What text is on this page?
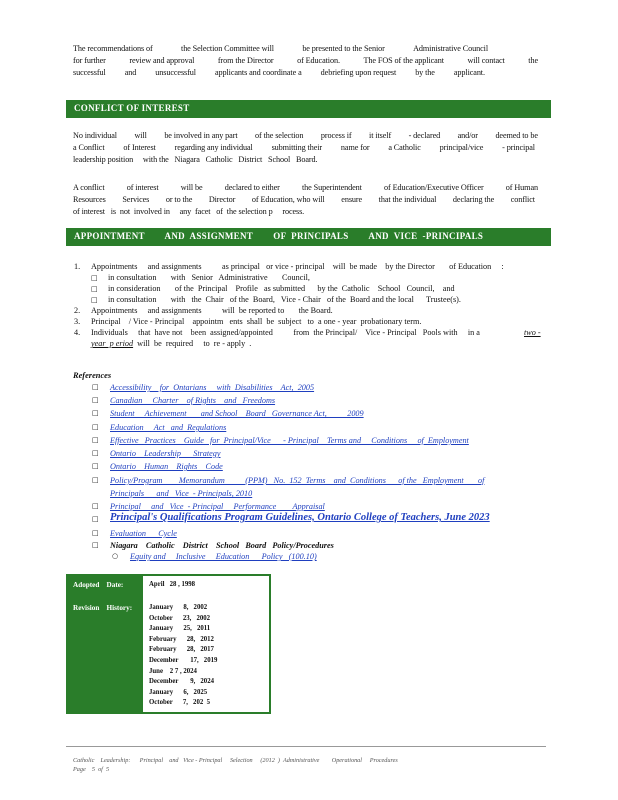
The recommendations of	the Selection Committee will	be presented to the Senior	Administrative Council
for further	review and approval	from the Director	of Education.	The FOS of the applicant	will contact	the
successful and unsuccessful applicants and coordinate a debriefing upon request by the applicant.
CONFLICT OF INTEREST
No individual will be involved in any part of the selection process if it itself - declared and/or deemed to be
a Conflict of Interest regarding any individual submitting their name for a Catholic principal/vice - principal
leadership position     with the   Niagara   Catholic   District   School   Board.
A conflict	of interest	will be	declared to either	the Superintendent	of Education/Executive Officer	of Human
Resources Services or to the Director of Education, who will ensure that the individual declaring the conflict
of interest   is  not  involved in     any  facet   of  the selection p     rocess.
APPOINTMENT        AND  ASSIGNMENT        OF  PRINCIPALS        AND  VICE  -PRINCIPALS
1. Appointments     and assignments          as principal   or vice - principal    will  be made    by the Director       of Education     :
□ in consultation       with   Senior   Administrative       Council,
□ in consideration       of the  Principal    Profile   as submitted      by the  Catholic    School   Council,    and
□ in consultation       with   the  Chair   of the  Board,   Vice - Chair   of the  Board and the local      Trustee(s).
2. Appointments     and assignments          will  be reported to       the Board.
3. Principal    / Vice - Principal    appointm   ents  shall  be  subject   to  a one - year  probationary term.
4. Individuals     that  have not    been  assigned/appointed          from  the Principal/    Vice - Principal   Pools with     in a	two -
year  p eriod  will  be  required     to  re - apply  .
References
□ Accessibility    for  Ontarians     with  Disabilities    Act,  2005
□ Canadian     Charter    of Rights    and   Freedoms
□ Student     Achievement       and School    Board   Governance Act,          2009
□ Education     Act   and  Regulations
□ Effective   Practices    Guide   for  Principal/Vice      - Principal    Terms and     Conditions     of  Employment
□ Ontario    Leadership      Strategy
□ Ontario    Human    Rights    Code
□ Policy/Program        Memorandum          (PPM)   No.  152  Terms    and  Conditions      of the   Employment       of
Principals      and   Vice  - Principals, 2010
□ Principal     and   Vice  - Principal     Performance        Appraisal
□ Principal's Qualifications Program Guidelines, Ontario College of Teachers, June 2023
□ Evaluation      Cycle
□ Niagara    Catholic    District    School   Board   Policy/Procedures
○ Equity and     Inclusive     Education      Policy   (100.10)
Adopted    Date:	April   28 , 1998
Revision    History: January      8,   2002
October      23,   2002
January      25,   2011
February      28,   2012
February      28,   2017
December       17,   2019
June    2 7 , 2024
December       9,   2024
January      6,   2025
October      7,   202  5
Catholic    Leadership:      Principal    and   Vice - Principal     Selection     (2012  )  Administrative        Operational     Procedures
Page    5  of  5
